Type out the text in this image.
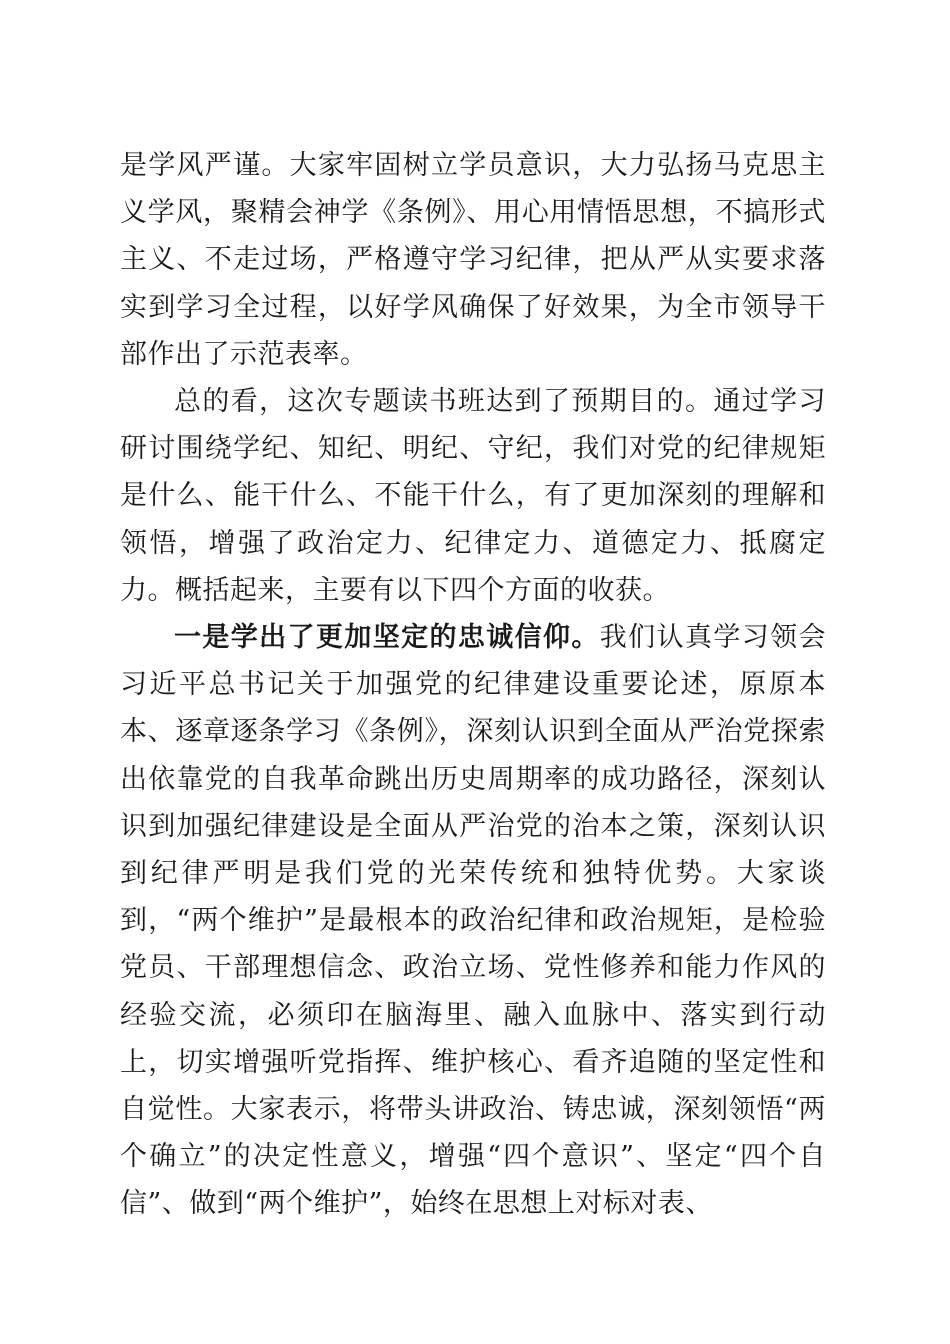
是学风严谨。大家牢固树立学员意识，大力弘扬马克思主义学风，聚精会神学《条例》、用心用情悟思想，不搞形式主义、不走过场，严格遵守学习纪律，把从严从实要求落实到学习全过程，以好学风确保了好效果，为全市领导干部作出了示范表率。

总的看，这次专题读书班达到了预期目的。通过学习研讨围绕学纪、知纪、明纪、守纪，我们对党的纪律规矩是什么、能干什么、不能干什么，有了更加深刻的理解和领悟，增强了政治定力、纪律定力、道德定力、抵腐定力。概括起来，主要有以下四个方面的收获。

一是学出了更加坚定的忠诚信仰。我们认真学习领会习近平总书记关于加强党的纪律建设重要论述，原原本本、逐章逐条学习《条例》，深刻认识到全面从严治党探索出依靠党的自我革命跳出历史周期率的成功路径，深刻认识到加强纪律建设是全面从严治党的治本之策，深刻认识到纪律严明是我们党的光荣传统和独特优势。大家谈到，“两个维护”是最根本的政治纪律和政治规矩，是检验党员、干部理想信念、政治立场、党性修养和能力作风的经验交流，必须印在脑海里、融入血脉中、落实到行动上，切实增强听党指挥、维护核心、看齐追随的坚定性和自觉性。大家表示，将带头讲政治、铸忠诚，深刻领悟“两个确立”的决定性意义，增强“四个意识”、坚定“四个自信”、做到“两个维护”，始终在思想上对标对表、
